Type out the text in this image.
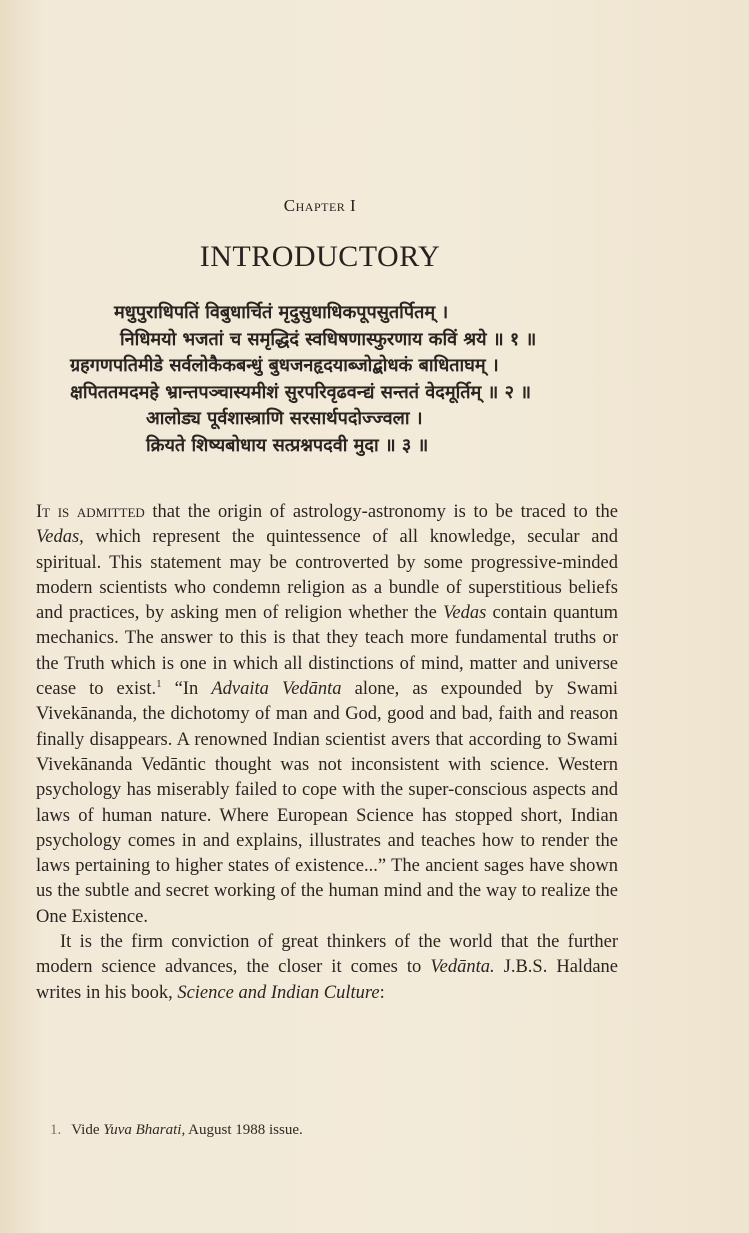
Chapter I
INTRODUCTORY
मधुपुराधिपतिं विबुधार्चितं मृदुसुधाधिकपूपसुतर्पितम् ।
निधिमयो भजतां च समृद्धिदं स्वधिषणास्फुरणाय कविं श्रये ॥ १ ॥
ग्रहगणपतिमीडे सर्वलोकैकबन्धुं बुधजनहृदयाब्जोद्बोधकं बाधिताघम् ।
क्षपिततमदमहे भ्रान्तपञ्चास्यमीशं सुरपरिवृढवन्द्यं सन्ततं वेदमूर्तिम् ॥ २ ॥
आलोड्य पूर्वशास्त्राणि सरसार्थपदोज्ज्वला ।
क्रियते शिष्यबोधाय सत्प्रश्नपदवी मुदा ॥ ३ ॥

It is admitted that the origin of astrology-astronomy is to be traced to the Vedas, which represent the quintessence of all knowledge, secular and spiritual. This statement may be controverted by some progressive-minded modern scientists who condemn religion as a bundle of superstitious beliefs and practices, by asking men of religion whether the Vedas contain quantum mechanics. The answer to this is that they teach more fundamental truths or the Truth which is one in which all distinctions of mind, matter and universe cease to exist.$^1$ “In Advaita Vedānta alone, as expounded by Swami Vivekānanda, the dichotomy of man and God, good and bad, faith and reason finally disappears. A renowned Indian scientist avers that according to Swami Vivekānanda Vedāntic thought was not inconsistent with science. Western psychology has miserably failed to cope with the super-conscious aspects and laws of human nature. Where European Science has stopped short, Indian psychology comes in and explains, illustrates and teaches how to render the laws pertaining to higher states of existence...” The ancient sages have shown us the subtle and secret working of the human mind and the way to realize the One Existence.

It is the firm conviction of great thinkers of the world that the further modern science advances, the closer it comes to Vedānta. J.B.S. Haldane writes in his book, Science and Indian Culture:

1. Vide Yuva Bharati, August 1988 issue.
